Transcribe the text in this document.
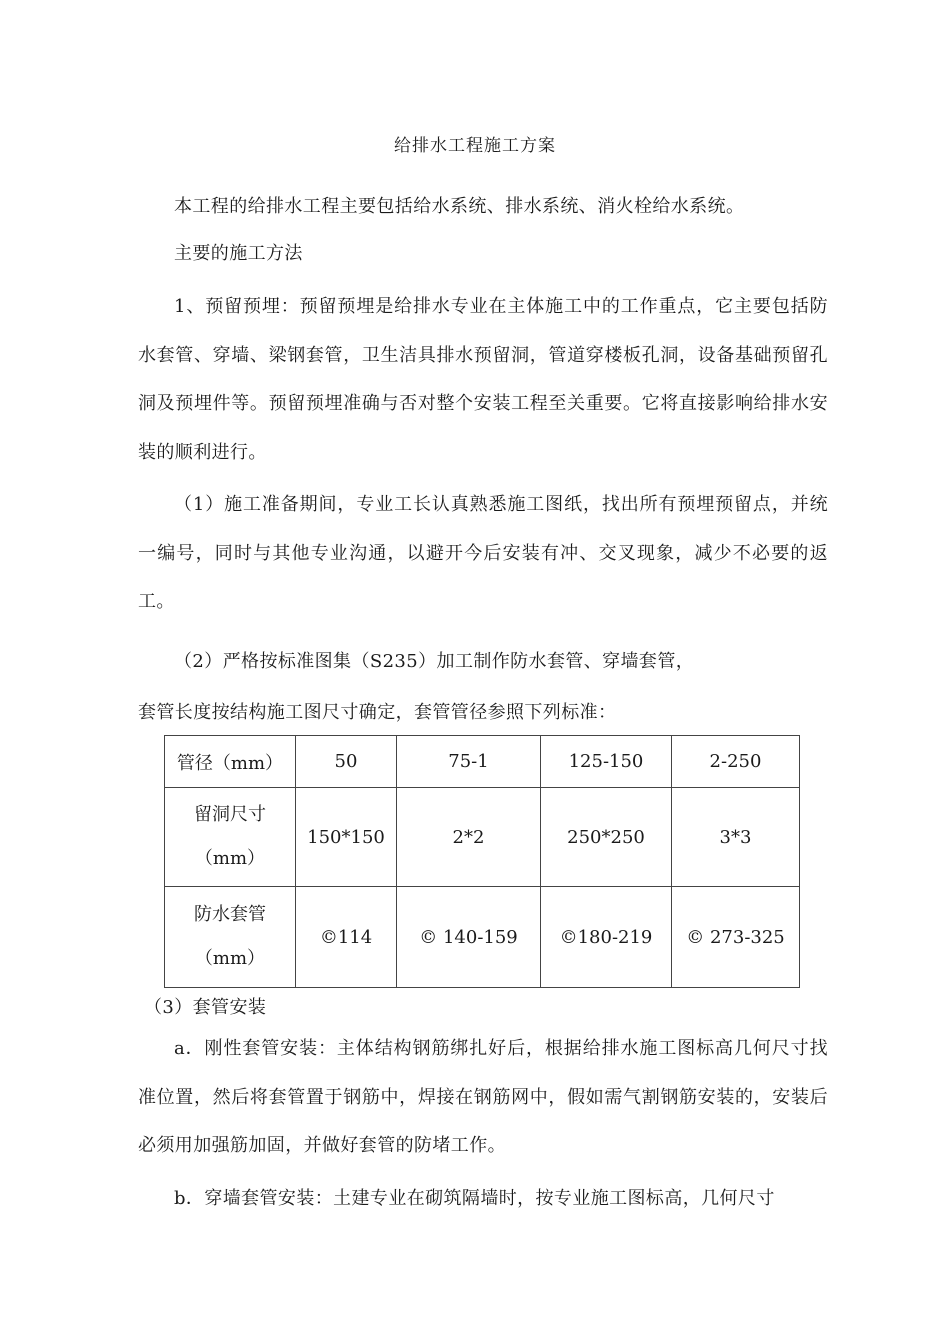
给排水工程施工方案
本工程的给排水工程主要包括给水系统、排水系统、消火栓给水系统。
主要的施工方法
1、预留预埋：预留预埋是给排水专业在主体施工中的工作重点，它主要包括防水套管、穿墙、梁钢套管，卫生洁具排水预留洞，管道穿楼板孔洞，设备基础预留孔洞及预埋件等。预留预埋准确与否对整个安装工程至关重要。它将直接影响给排水安装的顺利进行。
（1）施工准备期间，专业工长认真熟悉施工图纸，找出所有预埋预留点，并统一编号，同时与其他专业沟通，以避开今后安装有冲、交叉现象，减少不必要的返工。
（2）严格按标准图集（S235）加工制作防水套管、穿墙套管，
套管长度按结构施工图尺寸确定，套管管径参照下列标准：
管径（mm）	50	75-1	125-150	2-250

留洞尺寸
（mm）	150*150	2*2	250*250	3*3

防水套管
（mm）	©114	© 140-159	©180-219	© 273-325
（3）套管安装
a．刚性套管安装：主体结构钢筋绑扎好后，根据给排水施工图标高几何尺寸找准位置，然后将套管置于钢筋中，焊接在钢筋网中，假如需气割钢筋安装的，安装后必须用加强筋加固，并做好套管的防堵工作。
b．穿墙套管安装：土建专业在砌筑隔墙时，按专业施工图标高，几何尺寸
